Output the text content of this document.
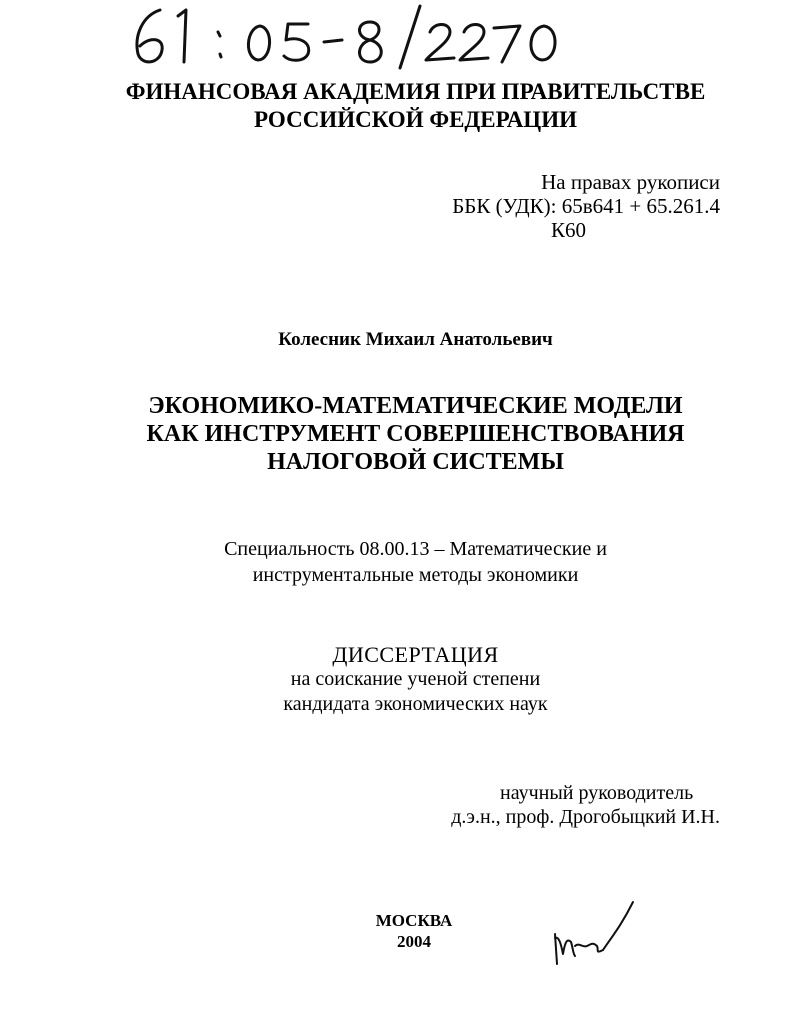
ФИНАНСОВАЯ АКАДЕМИЯ ПРИ ПРАВИТЕЛЬСТВЕ
РОССИЙСКОЙ ФЕДЕРАЦИИ
На правах рукописи
ББК (УДК): 65в641 + 65.261.4
К60
Колесник Михаил Анатольевич
ЭКОНОМИКО-МАТЕМАТИЧЕСКИЕ МОДЕЛИ
КАК ИНСТРУМЕНТ СОВЕРШЕНСТВОВАНИЯ
НАЛОГОВОЙ СИСТЕМЫ
Специальность 08.00.13 – Математические и
инструментальные методы экономики
ДИССЕРТАЦИЯ
на соискание ученой степени
кандидата экономических наук
научный руководитель
д.э.н., проф. Дрогобыцкий И.Н.
МОСКВА
2004
